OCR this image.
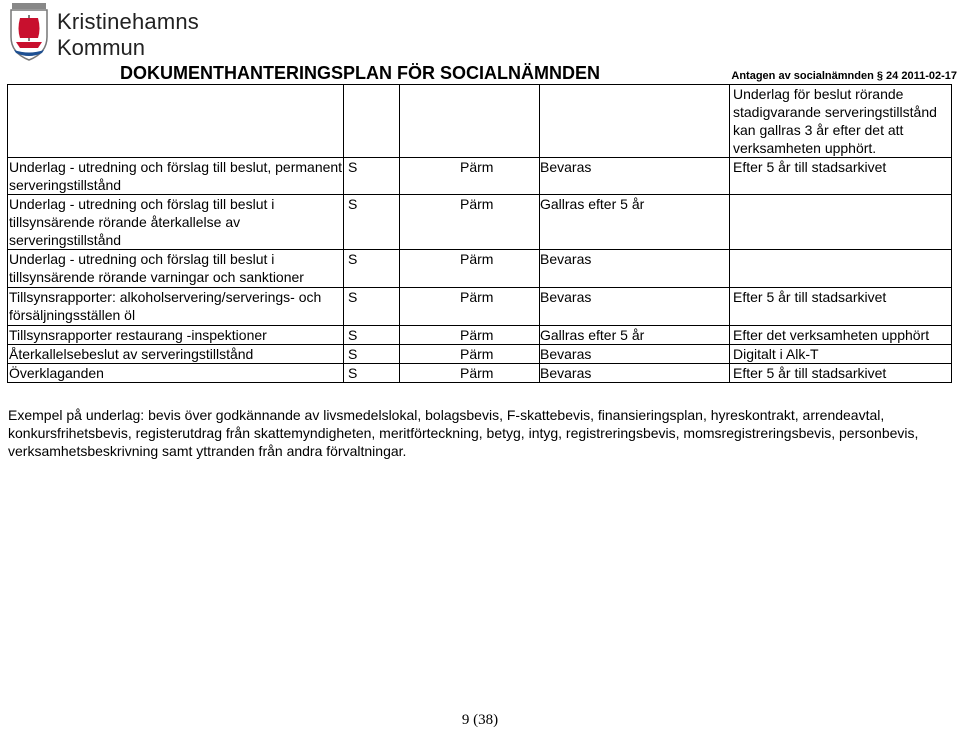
Kristinehamns
Kommun
DOKUMENTHANTERINGSPLAN FÖR SOCIALNÄMNDEN	Antagen av socialnämnden § 24 2011-02-17
				Underlag för beslut rörande stadigvarande serveringstillstånd kan gallras 3 år efter det att verksamheten upphört.
Underlag - utredning och förslag till beslut, permanent serveringstillstånd	S	Pärm	Bevaras	Efter 5 år till stadsarkivet
Underlag - utredning och förslag till beslut i tillsynsärende rörande återkallelse av serveringstillstånd	S	Pärm	Gallras efter 5 år	
Underlag - utredning och förslag till beslut i tillsynsärende rörande varningar och sanktioner	S	Pärm	Bevaras	
Tillsynsrapporter: alkoholservering/serverings- och försäljningsställen öl	S	Pärm	Bevaras	Efter 5 år till stadsarkivet
Tillsynsrapporter restaurang -inspektioner	S	Pärm	Gallras efter 5 år	Efter det verksamheten upphört
Återkallelsebeslut av serveringstillstånd	S	Pärm	Bevaras	Digitalt i Alk-T
Överklaganden	S	Pärm	Bevaras	Efter 5 år till stadsarkivet
Exempel på underlag: bevis över godkännande av livsmedelslokal, bolagsbevis, F-skattebevis, finansieringsplan, hyreskontrakt, arrendeavtal, konkursfrihetsbevis, registerutdrag från skattemyndigheten, meritförteckning, betyg, intyg, registreringsbevis, momsregistreringsbevis, personbevis, verksamhetsbeskrivning samt yttranden från andra förvaltningar.
9 (38)
